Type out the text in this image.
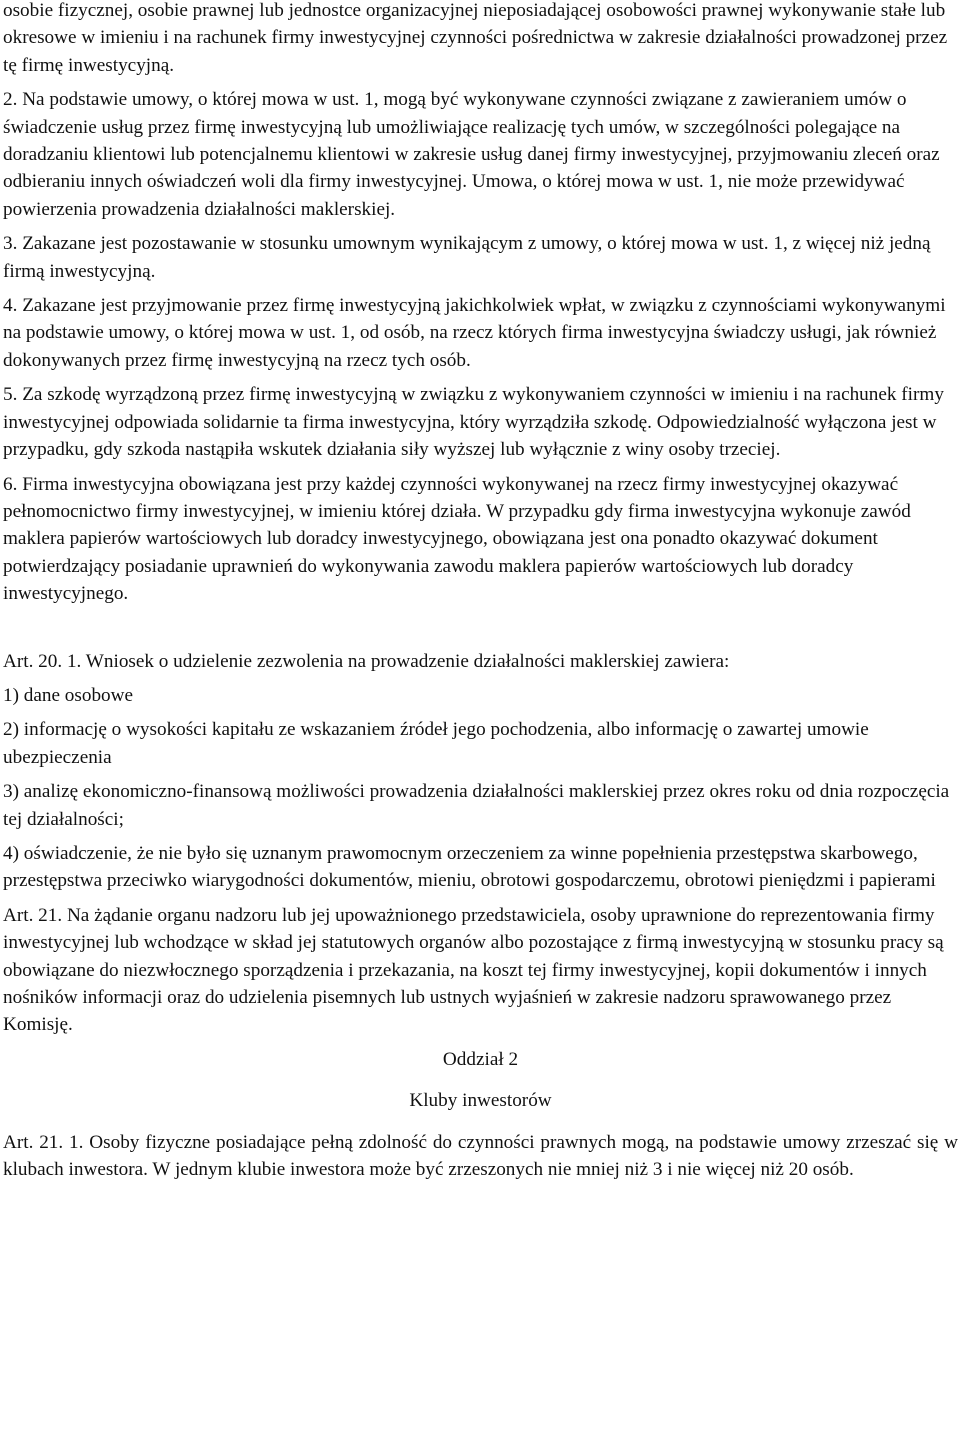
osobie fizycznej, osobie prawnej lub jednostce organizacyjnej nieposiadającej osobowości prawnej wykonywanie stałe lub okresowe w imieniu i na rachunek firmy inwestycyjnej czynności pośrednictwa w zakresie działalności prowadzonej przez tę firmę inwestycyjną.

2. Na podstawie umowy, o której mowa w ust. 1, mogą być wykonywane czynności związane z zawieraniem umów o świadczenie usług przez firmę inwestycyjną lub umożliwiające realizację tych umów, w szczególności polegające na doradzaniu klientowi lub potencjalnemu klientowi w zakresie usług danej firmy inwestycyjnej, przyjmowaniu zleceń oraz odbieraniu innych oświadczeń woli dla firmy inwestycyjnej. Umowa, o której mowa w ust. 1, nie może przewidywać powierzenia prowadzenia działalności maklerskiej.

3. Zakazane jest pozostawanie w stosunku umownym wynikającym z umowy, o której mowa w ust. 1, z więcej niż jedną firmą inwestycyjną.

4. Zakazane jest przyjmowanie przez firmę inwestycyjną jakichkolwiek wpłat, w związku z czynnościami wykonywanymi na podstawie umowy, o której mowa w ust. 1, od osób, na rzecz których firma inwestycyjna świadczy usługi, jak również dokonywanych przez firmę inwestycyjną na rzecz tych osób.

5. Za szkodę wyrządzoną przez firmę inwestycyjną w związku z wykonywaniem czynności w imieniu i na rachunek firmy inwestycyjnej odpowiada solidarnie ta firma inwestycyjna, który wyrządziła szkodę. Odpowiedzialność wyłączona jest w przypadku, gdy szkoda nastąpiła wskutek działania siły wyższej lub wyłącznie z winy osoby trzeciej.

6. Firma inwestycyjna obowiązana jest przy każdej czynności wykonywanej na rzecz firmy inwestycyjnej okazywać pełnomocnictwo firmy inwestycyjnej, w imieniu której działa. W przypadku gdy firma inwestycyjna wykonuje zawód maklera papierów wartościowych lub doradcy inwestycyjnego, obowiązana jest ona ponadto okazywać dokument potwierdzający posiadanie uprawnień do wykonywania zawodu maklera papierów wartościowych lub doradcy inwestycyjnego.

Art. 20. 1. Wniosek o udzielenie zezwolenia na prowadzenie działalności maklerskiej zawiera:

1) dane osobowe

2) informację o wysokości kapitału ze wskazaniem źródeł jego pochodzenia, albo informację o zawartej umowie ubezpieczenia

3) analizę ekonomiczno-finansową możliwości prowadzenia działalności maklerskiej przez okres roku od dnia rozpoczęcia tej działalności;

4) oświadczenie, że nie było się uznanym prawomocnym orzeczeniem za winne popełnienia przestępstwa skarbowego, przestępstwa przeciwko wiarygodności dokumentów, mieniu, obrotowi gospodarczemu, obrotowi pieniędzmi i papierami

Art. 21. Na żądanie organu nadzoru lub jej upoważnionego przedstawiciela, osoby uprawnione do reprezentowania firmy inwestycyjnej lub wchodzące w skład jej statutowych organów albo pozostające z firmą inwestycyjną w stosunku pracy są obowiązane do niezwłocznego sporządzenia i przekazania, na koszt tej firmy inwestycyjnej, kopii dokumentów i innych nośników informacji oraz do udzielenia pisemnych lub ustnych wyjaśnień w zakresie nadzoru sprawowanego przez Komisję.

Oddział 2
Kluby inwestorów

Art. 21. 1. Osoby fizyczne posiadające pełną zdolność do czynności prawnych mogą, na podstawie umowy zrzeszać się w klubach inwestora. W jednym klubie inwestora może być zrzeszonych nie mniej niż 3 i nie więcej niż 20 osób.
